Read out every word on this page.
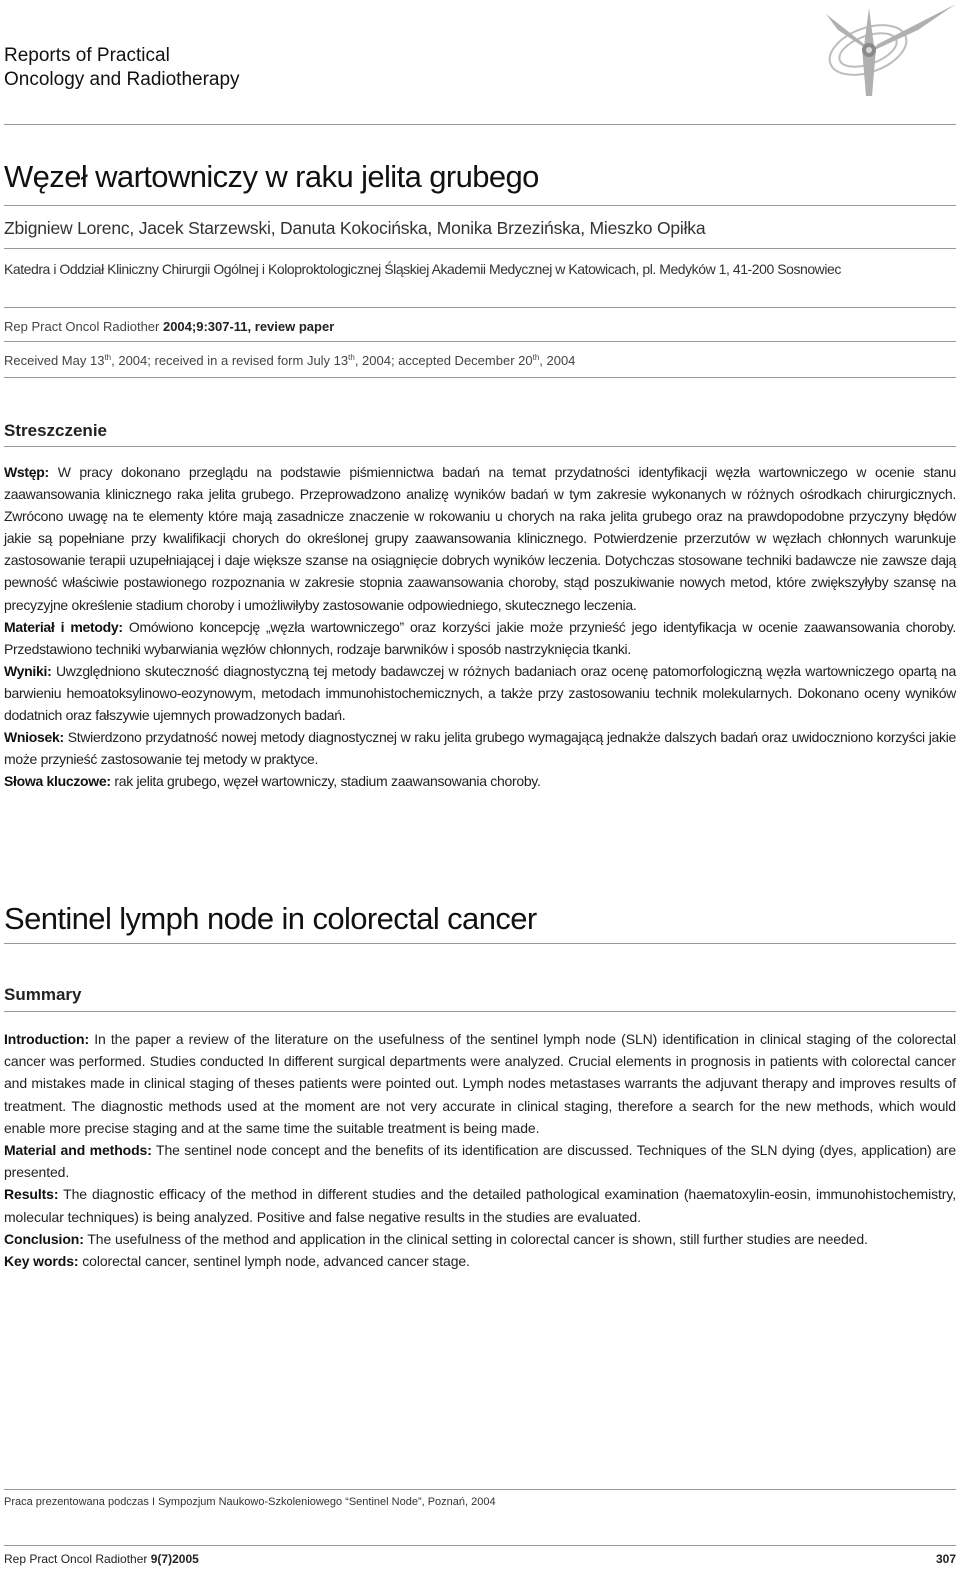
Reports of Practical
Oncology and Radiotherapy
Węzeł wartowniczy w raku jelita grubego
Zbigniew Lorenc, Jacek Starzewski, Danuta Kokocińska, Monika Brzezińska, Mieszko Opiłka
Katedra i Oddział Kliniczny Chirurgii Ogólnej i Koloproktologicznej Śląskiej Akademii Medycznej w Katowicach, pl. Medyków 1, 41-200 Sosnowiec
Rep Pract Oncol Radiother 2004;9:307-11, review paper
Received May 13th, 2004; received in a revised form July 13th, 2004; accepted December 20th, 2004
Streszczenie
Wstęp: W pracy dokonano przeglądu na podstawie piśmiennictwa badań na temat przydatności identyfikacji węzła wartowniczego w ocenie stanu zaawansowania klinicznego raka jelita grubego. Przeprowadzono analizę wyników badań w tym zakresie wykonanych w różnych ośrodkach chirurgicznych. Zwrócono uwagę na te elementy które mają zasadnicze znaczenie w rokowaniu u chorych na raka jelita grubego oraz na prawdopodobne przyczyny błędów jakie są popełniane przy kwalifikacji chorych do określonej grupy zaawansowania klinicznego. Potwierdzenie przerzutów w węzłach chłonnych warunkuje zastosowanie terapii uzupełniającej i daje większe szanse na osiągnięcie dobrych wyników leczenia. Dotychczas stosowane techniki badawcze nie zawsze dają pewność właściwie postawionego rozpoznania w zakresie stopnia zaawansowania choroby, stąd poszukiwanie nowych metod, które zwiększyłyby szansę na precyzyjne określenie stadium choroby i umożliwiłyby zastosowanie odpowiedniego, skutecznego leczenia.
Materiał i metody: Omówiono koncepcję „węzła wartowniczego” oraz korzyści jakie może przynieść jego identyfikacja w ocenie zaawansowania choroby. Przedstawiono techniki wybarwiania węzłów chłonnych, rodzaje barwników i sposób nastrzyknięcia tkanki.
Wyniki: Uwzględniono skuteczność diagnostyczną tej metody badawczej w różnych badaniach oraz ocenę patomorfologiczną węzła wartowniczego opartą na barwieniu hemoatoksylinowo-eozynowym, metodach immunohistochemicznych, a także przy zastosowaniu technik molekularnych. Dokonano oceny wyników dodatnich oraz fałszywie ujemnych prowadzonych badań.
Wniosek: Stwierdzono przydatność nowej metody diagnostycznej w raku jelita grubego wymagającą jednakże dalszych badań oraz uwidoczniono korzyści jakie może przynieść zastosowanie tej metody w praktyce.
Słowa kluczowe: rak jelita grubego, węzeł wartowniczy, stadium zaawansowania choroby.
Sentinel lymph node in colorectal cancer
Summary
Introduction: In the paper a review of the literature on the usefulness of the sentinel lymph node (SLN) identification in clinical staging of the colorectal cancer was performed. Studies conducted In different surgical departments were analyzed. Crucial elements in prognosis in patients with colorectal cancer and mistakes made in clinical staging of theses patients were pointed out. Lymph nodes metastases warrants the adjuvant therapy and improves results of treatment. The diagnostic methods used at the moment are not very accurate in clinical staging, therefore a search for the new methods, which would enable more precise staging and at the same time the suitable treatment is being made.
Material and methods: The sentinel node concept and the benefits of its identification are discussed. Techniques of the SLN dying (dyes, application) are presented.
Results: The diagnostic efficacy of the method in different studies and the detailed pathological examination (haematoxylin-eosin, immunohistochemistry, molecular techniques) is being analyzed. Positive and false negative results in the studies are evaluated.
Conclusion: The usefulness of the method and application in the clinical setting in colorectal cancer is shown, still further studies are needed.
Key words: colorectal cancer, sentinel lymph node, advanced cancer stage.
Praca prezentowana podczas I Sympozjum Naukowo-Szkoleniowego “Sentinel Node”, Poznań, 2004
Rep Pract Oncol Radiother 9(7)2005	307
